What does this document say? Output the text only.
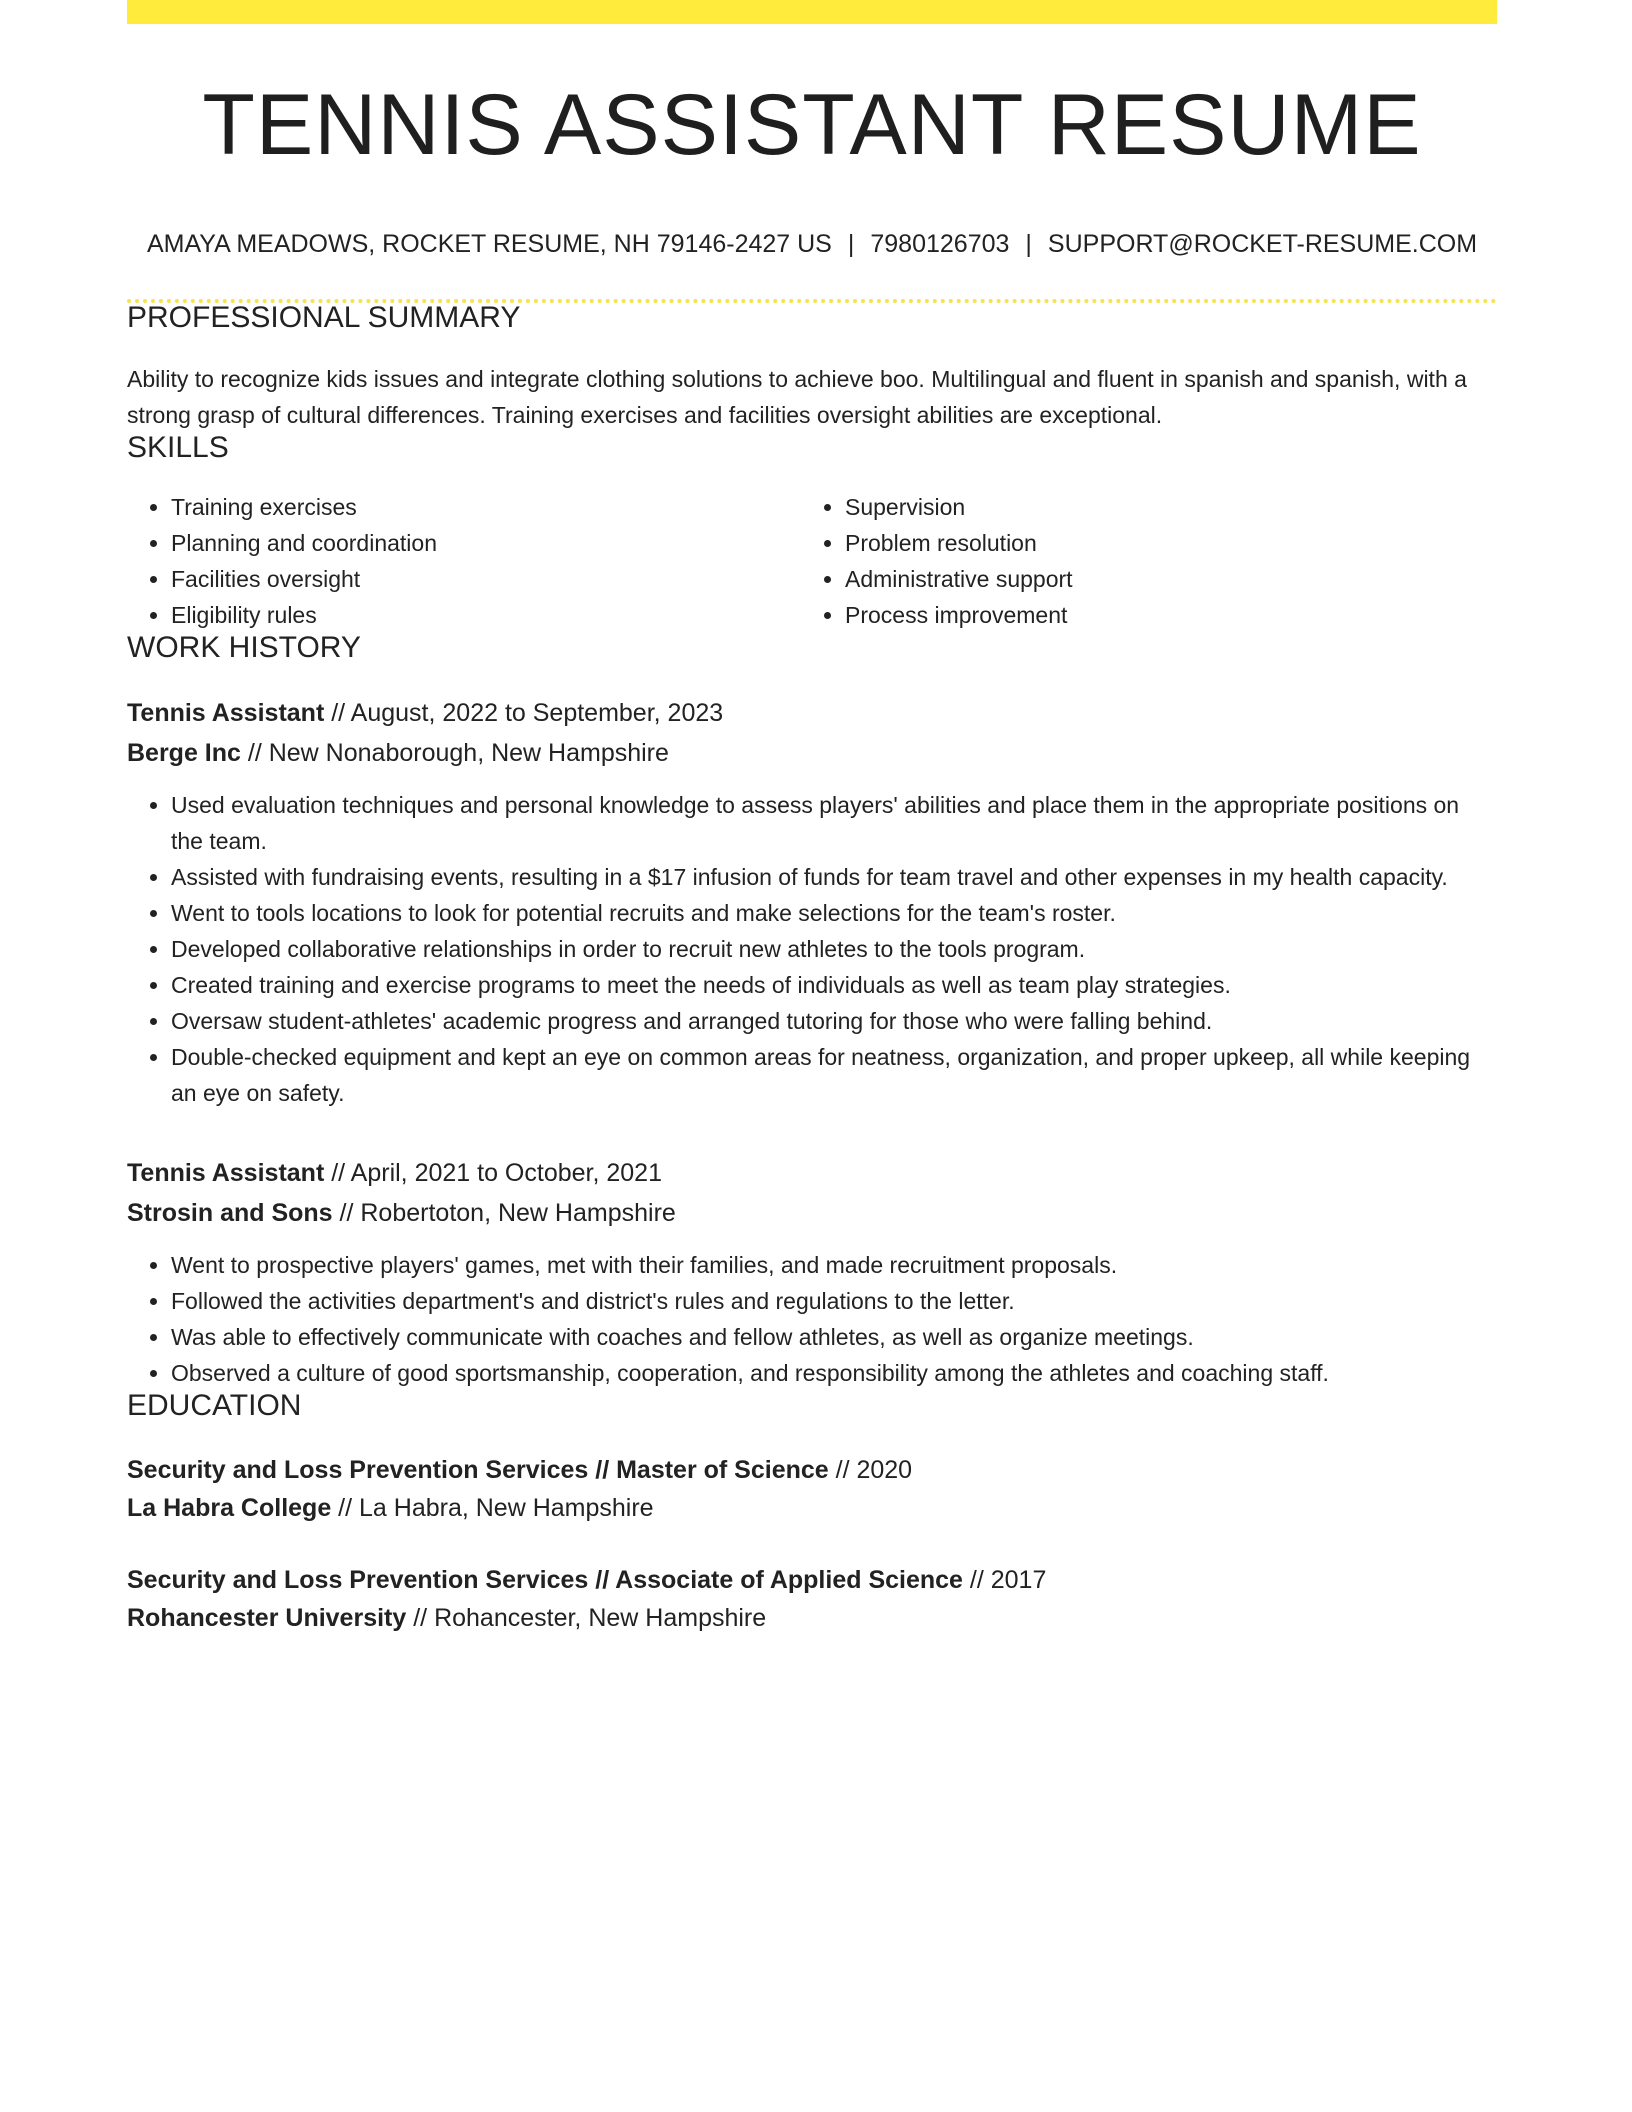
TENNIS ASSISTANT RESUME
AMAYA MEADOWS, ROCKET RESUME, NH 79146-2427 US | 7980126703 | SUPPORT@ROCKET-RESUME.COM
PROFESSIONAL SUMMARY
Ability to recognize kids issues and integrate clothing solutions to achieve boo. Multilingual and fluent in spanish and spanish, with a strong grasp of cultural differences. Training exercises and facilities oversight abilities are exceptional.
SKILLS
• Training exercises
• Planning and coordination
• Facilities oversight
• Eligibility rules
• Supervision
• Problem resolution
• Administrative support
• Process improvement
WORK HISTORY
Tennis Assistant // August, 2022 to September, 2023
Berge Inc // New Nonaborough, New Hampshire
• Used evaluation techniques and personal knowledge to assess players' abilities and place them in the appropriate positions on the team.
• Assisted with fundraising events, resulting in a $17 infusion of funds for team travel and other expenses in my health capacity.
• Went to tools locations to look for potential recruits and make selections for the team's roster.
• Developed collaborative relationships in order to recruit new athletes to the tools program.
• Created training and exercise programs to meet the needs of individuals as well as team play strategies.
• Oversaw student-athletes' academic progress and arranged tutoring for those who were falling behind.
• Double-checked equipment and kept an eye on common areas for neatness, organization, and proper upkeep, all while keeping an eye on safety.
Tennis Assistant // April, 2021 to October, 2021
Strosin and Sons // Robertoton, New Hampshire
• Went to prospective players' games, met with their families, and made recruitment proposals.
• Followed the activities department's and district's rules and regulations to the letter.
• Was able to effectively communicate with coaches and fellow athletes, as well as organize meetings.
• Observed a culture of good sportsmanship, cooperation, and responsibility among the athletes and coaching staff.
EDUCATION
Security and Loss Prevention Services // Master of Science // 2020
La Habra College // La Habra, New Hampshire
Security and Loss Prevention Services // Associate of Applied Science // 2017
Rohancester University // Rohancester, New Hampshire
